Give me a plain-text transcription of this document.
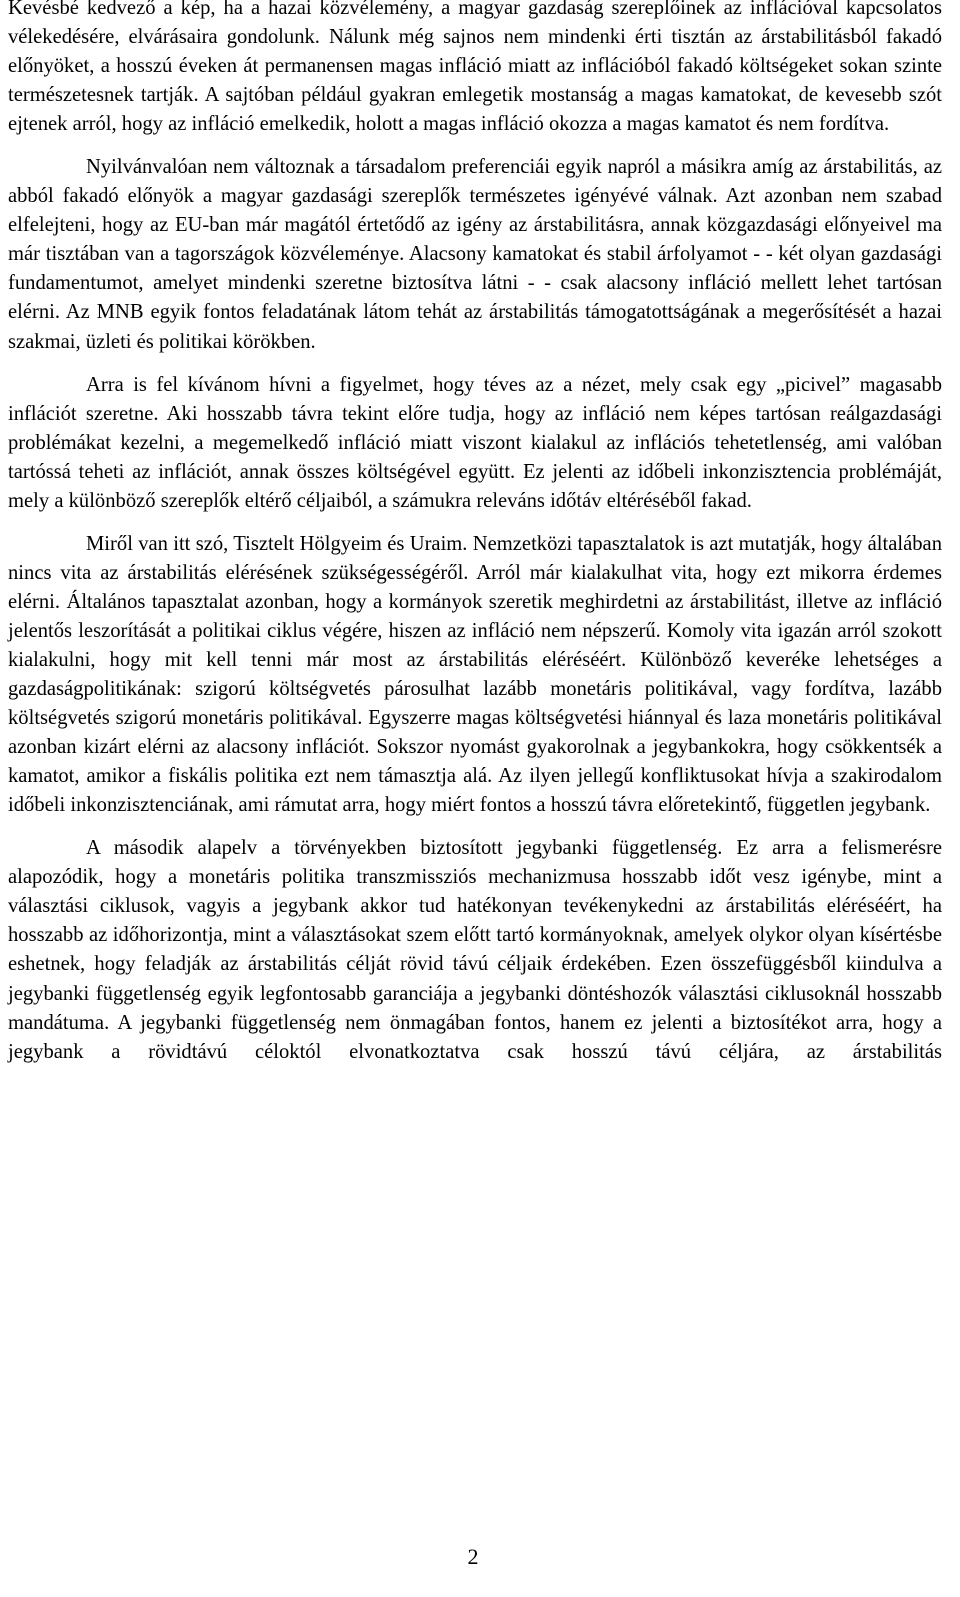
Kevésbé kedvező a kép, ha a hazai közvélemény, a magyar gazdaság szereplőinek az inflációval kapcsolatos vélekedésére, elvárásaira gondolunk. Nálunk még sajnos nem mindenki érti tisztán az árstabilitásból fakadó előnyöket, a hosszú éveken át permanensen magas infláció miatt az inflációból fakadó költségeket sokan szinte természetesnek tartják. A sajtóban például gyakran emlegetik mostanság a magas kamatokat, de kevesebb szót ejtenek arról, hogy az infláció emelkedik, holott a magas infláció okozza a magas kamatot és nem fordítva.

Nyilvánvalóan nem változnak a társadalom preferenciái egyik napról a másikra amíg az árstabilitás, az abból fakadó előnyök a magyar gazdasági szereplők természetes igényévé válnak. Azt azonban nem szabad elfelejteni, hogy az EU-ban már magától értetődő az igény az árstabilitásra, annak közgazdasági előnyeivel ma már tisztában van a tagországok közvéleménye. Alacsony kamatokat és stabil árfolyamot - - két olyan gazdasági fundamentumot, amelyet mindenki szeretne biztosítva látni - - csak alacsony infláció mellett lehet tartósan elérni. Az MNB egyik fontos feladatának látom tehát az árstabilitás támogatottságának a megerősítését a hazai szakmai, üzleti és politikai körökben.

Arra is fel kívánom hívni a figyelmet, hogy téves az a nézet, mely csak egy „picivel” magasabb inflációt szeretne. Aki hosszabb távra tekint előre tudja, hogy az infláció nem képes tartósan reálgazdasági problémákat kezelni, a megemelkedő infláció miatt viszont kialakul az inflációs tehetetlenség, ami valóban tartóssá teheti az inflációt, annak összes költségével együtt. Ez jelenti az időbeli inkonzisztencia problémáját, mely a különböző szereplők eltérő céljaiból, a számukra releváns időtáv eltéréséből fakad.

Miről van itt szó, Tisztelt Hölgyeim és Uraim. Nemzetközi tapasztalatok is azt mutatják, hogy általában nincs vita az árstabilitás elérésének szükségességéről. Arról már kialakulhat vita, hogy ezt mikorra érdemes elérni. Általános tapasztalat azonban, hogy a kormányok szeretik meghirdetni az árstabilitást, illetve az infláció jelentős leszorítását a politikai ciklus végére, hiszen az infláció nem népszerű. Komoly vita igazán arról szokott kialakulni, hogy mit kell tenni már most az árstabilitás eléréséért. Különböző keveréke lehetséges a gazdaságpolitikának: szigorú költségvetés párosulhat lazább monetáris politikával, vagy fordítva, lazább költségvetés szigorú monetáris politikával. Egyszerre magas költségvetési hiánnyal és laza monetáris politikával azonban kizárt elérni az alacsony inflációt. Sokszor nyomást gyakorolnak a jegybankokra, hogy csökkentsék a kamatot, amikor a fiskális politika ezt nem támasztja alá. Az ilyen jellegű konfliktusokat hívja a szakirodalom időbeli inkonzisztenciának, ami rámutat arra, hogy miért fontos a hosszú távra előretekintő, független jegybank.

A második alapelv a törvényekben biztosított jegybanki függetlenség. Ez arra a felismerésre alapozódik, hogy a monetáris politika transzmissziós mechanizmusa hosszabb időt vesz igénybe, mint a választási ciklusok, vagyis a jegybank akkor tud hatékonyan tevékenykedni az árstabilitás eléréséért, ha hosszabb az időhorizontja, mint a választásokat szem előtt tartó kormányoknak, amelyek olykor olyan kísértésbe eshetnek, hogy feladják az árstabilitás célját rövid távú céljaik érdekében. Ezen összefüggésből kiindulva a jegybanki függetlenség egyik legfontosabb garanciája a jegybanki döntéshozók választási ciklusoknál hosszabb mandátuma. A jegybanki függetlenség nem önmagában fontos, hanem ez jelenti a biztosítékot arra, hogy a jegybank a rövidtávú céloktól elvonatkoztatva csak hosszú távú céljára, az árstabilitás

2
